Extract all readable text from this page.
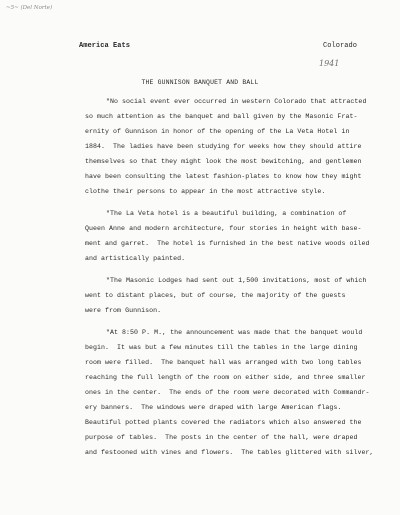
~5~ (Del Norte)
America Eats	Colorado
1941
THE GUNNISON BANQUET AND BALL
"No social event ever occurred in western Colorado that attracted
so much attention as the banquet and ball given by the Masonic Frat-
ernity of Gunnison in honor of the opening of the La Veta Hotel in
1884.  The ladies have been studying for weeks how they should attire
themselves so that they might look the most bewitching, and gentlemen
have been consulting the latest fashion-plates to know how they might
clothe their persons to appear in the most attractive style.
"The La Veta hotel is a beautiful building, a combination of
Queen Anne and modern architecture, four stories in height with base-
ment and garret.  The hotel is furnished in the best native woods oiled
and artistically painted.
"The Masonic Lodges had sent out 1,500 invitations, most of which
went to distant places, but of course, the majority of the guests
were from Gunnison.
"At 8:50 P. M., the announcement was made that the banquet would
begin.  It was but a few minutes till the tables in the large dining
room were filled.  The banquet hall was arranged with two long tables
reaching the full length of the room on either side, and three smaller
ones in the center.  The ends of the room were decorated with Commandr-
ery banners.  The windows were draped with large American flags.
Beautiful potted plants covered the radiators which also answered the
purpose of tables.  The posts in the center of the hall, were draped
and festooned with vines and flowers.  The tables glittered with silver,
